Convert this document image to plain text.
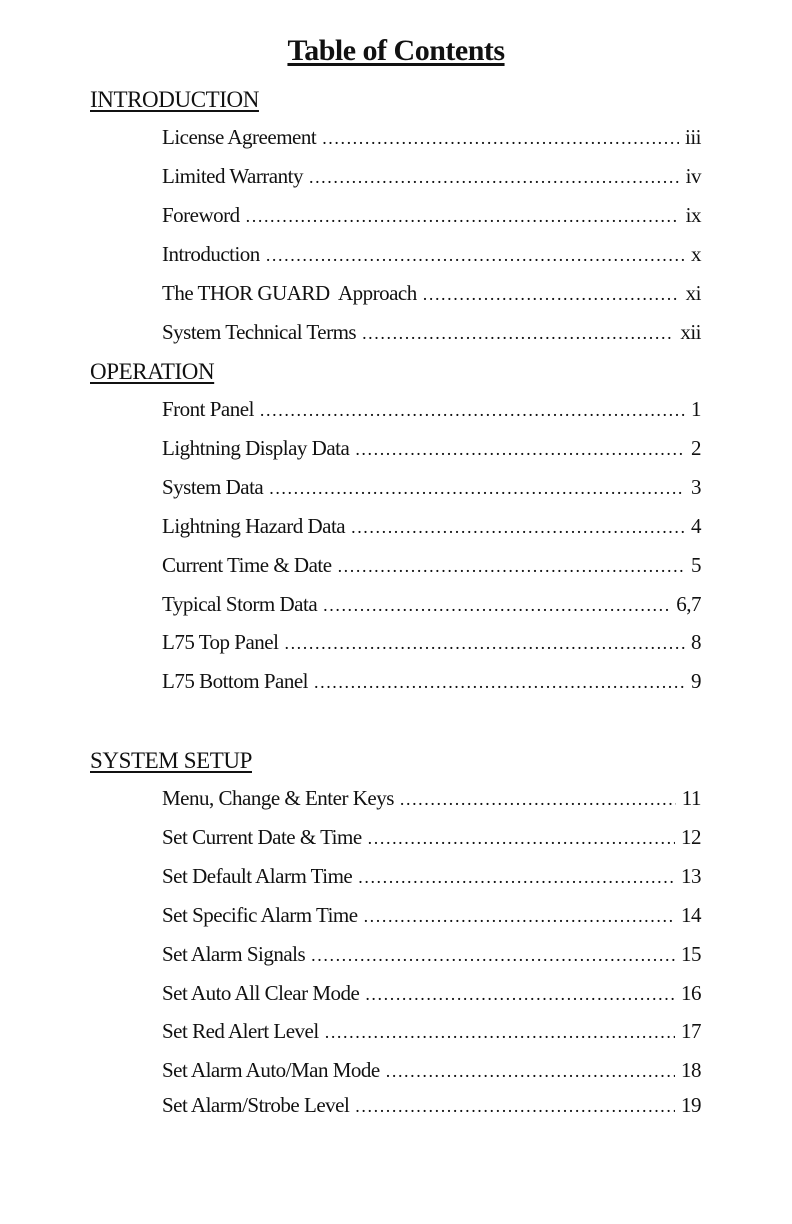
Table of Contents
INTRODUCTION
License Agreement .....	iii
Limited Warranty .....	iv
Foreword .....	ix
Introduction .....	x
The THOR GUARD  Approach .....	xi
System Technical Terms .....	xii
OPERATION
Front Panel .....	1
Lightning Display Data .....	2
System Data .....	3
Lightning Hazard Data .....	4
Current Time & Date .....	5
Typical Storm Data .....	6,7
L75 Top Panel .....	8
L75 Bottom Panel .....	9
SYSTEM SETUP
Menu, Change & Enter Keys .....	11
Set Current Date & Time .....	12
Set Default Alarm Time .....	13
Set Specific Alarm Time .....	14
Set Alarm Signals .....	15
Set Auto All Clear Mode .....	16
Set Red Alert Level .....	17
Set Alarm Auto/Man Mode .....	18
Set Alarm/Strobe Level .....	19
